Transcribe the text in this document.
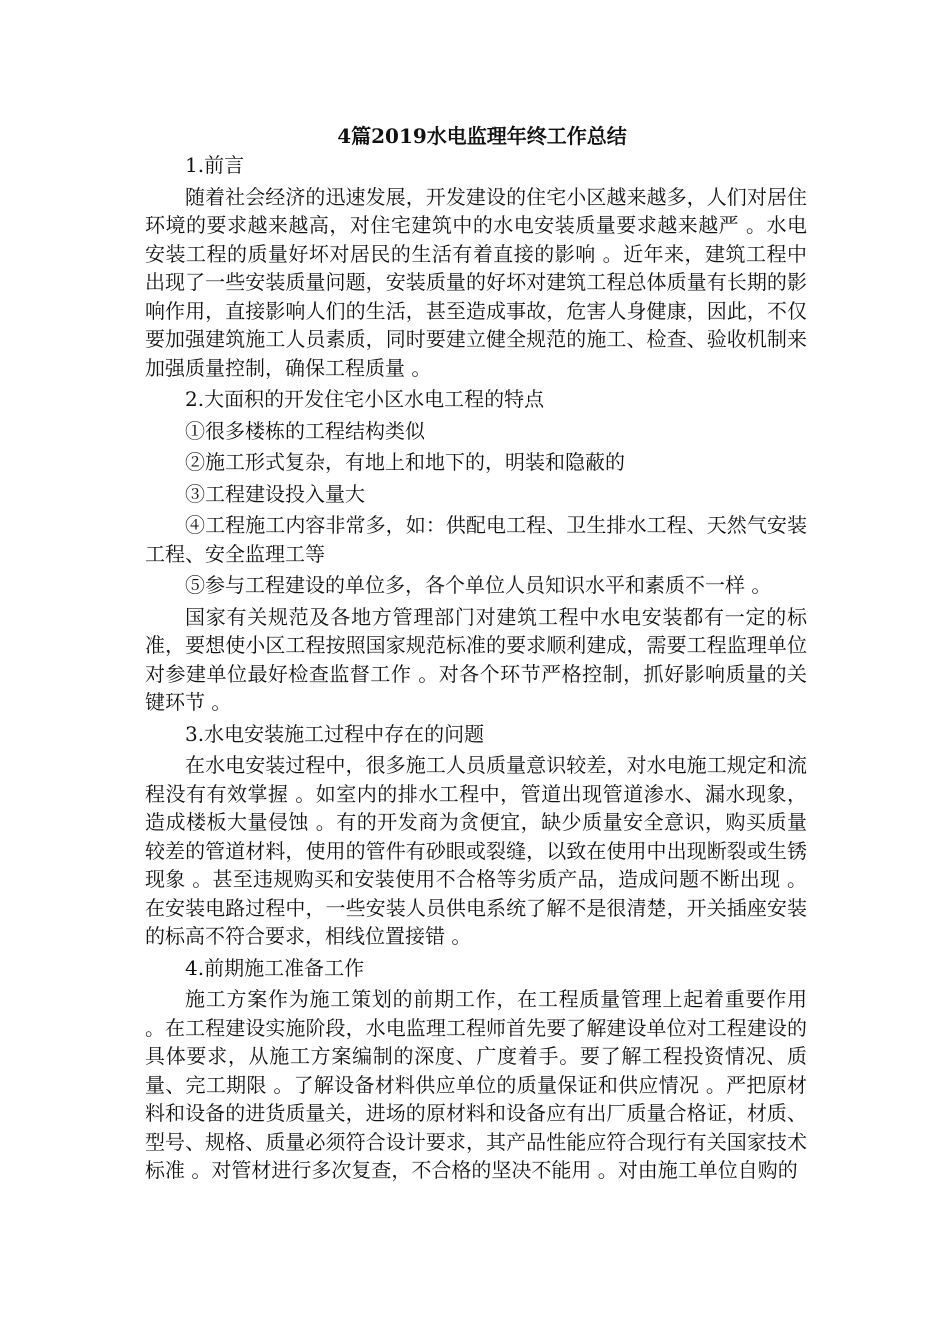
4篇2019水电监理年终工作总结
1.前言
随着社会经济的迅速发展，开发建设的住宅小区越来越多，人们对居住环境的要求越来越高，对住宅建筑中的水电安装质量要求越来越严 。水电安装工程的质量好坏对居民的生活有着直接的影响 。近年来，建筑工程中出现了一些安装质量问题，安装质量的好坏对建筑工程总体质量有长期的影响作用，直接影响人们的生活，甚至造成事故，危害人身健康，因此，不仅要加强建筑施工人员素质，同时要建立健全规范的施工、检查、验收机制来加强质量控制，确保工程质量 。
2.大面积的开发住宅小区水电工程的特点
①很多楼栋的工程结构类似
②施工形式复杂，有地上和地下的，明装和隐蔽的
③工程建设投入量大
④工程施工内容非常多，如：供配电工程、卫生排水工程、天然气安装工程、安全监理工等
⑤参与工程建设的单位多，各个单位人员知识水平和素质不一样 。
国家有关规范及各地方管理部门对建筑工程中水电安装都有一定的标准，要想使小区工程按照国家规范标准的要求顺利建成，需要工程监理单位对参建单位最好检查监督工作 。对各个环节严格控制，抓好影响质量的关键环节 。
3.水电安装施工过程中存在的问题
在水电安装过程中，很多施工人员质量意识较差，对水电施工规定和流程没有有效掌握 。如室内的排水工程中，管道出现管道渗水、漏水现象，造成楼板大量侵蚀 。有的开发商为贪便宜，缺少质量安全意识，购买质量较差的管道材料，使用的管件有砂眼或裂缝，以致在使用中出现断裂或生锈现象 。甚至违规购买和安装使用不合格等劣质产品，造成问题不断出现 。在安装电路过程中，一些安装人员供电系统了解不是很清楚，开关插座安装的标高不符合要求，相线位置接错 。
4.前期施工准备工作
施工方案作为施工策划的前期工作，在工程质量管理上起着重要作用 。在工程建设实施阶段，水电监理工程师首先要了解建设单位对工程建设的具体要求，从施工方案编制的深度、广度着手。要了解工程投资情况、质量、完工期限 。了解设备材料供应单位的质量保证和供应情况 。严把原材料和设备的进货质量关，进场的原材料和设备应有出厂质量合格证，材质、型号、规格、质量必须符合设计要求，其产品性能应符合现行有关国家技术标准 。对管材进行多次复查，不合格的坚决不能用 。对由施工单位自购的
